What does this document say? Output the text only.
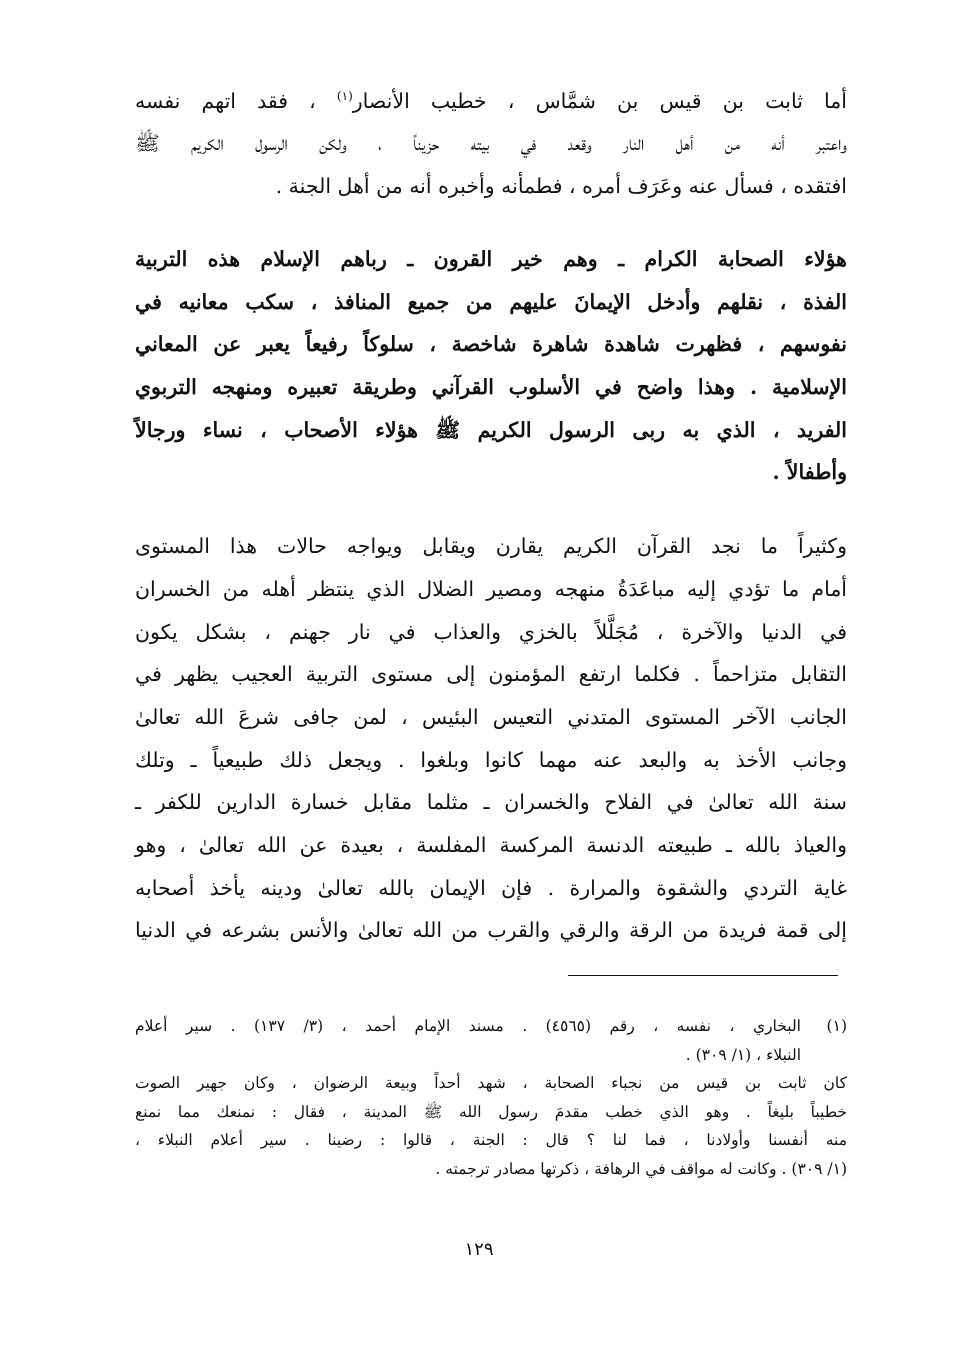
أما ثابت بن قيس بن شمَّاس ، خطيب الأنصار$^{(١)}$ ، فقد اتهم نفسه
واعتبر أنه من أهل النار وقعد في بيته حزيناً ، ولكن الرسول الكريم ﷺ
افتقده ، فسأل عنه وعَرَف أمره ، فطمأنه وأخبره أنه من أهل الجنة .
هؤلاء الصحابة الكرام ـ وهم خير القرون ـ رباهم الإسلام هذه التربية
الفذة ، نقلهم وأدخل الإيمانَ عليهم من جميع المنافذ ، سكب معانيه في
نفوسهم ، فظهرت شاهدة شاهرة شاخصة ، سلوكاً رفيعاً يعبر عن المعاني
الإسلامية . وهذا واضح في الأسلوب القرآني وطريقة تعبيره ومنهجه التربوي
الفريد ، الذي به ربى الرسول الكريم ﷺ هؤلاء الأصحاب ، نساء ورجالاً
وأطفالاً .
وكثيراً ما نجد القرآن الكريم يقارن ويقابل ويواجه حالات هذا المستوى
أمام ما تؤدي إليه مباعَدَةُ منهجه ومصير الضلال الذي ينتظر أهله من الخسران
في الدنيا والآخرة ، مُجَلَّلاً بالخزي والعذاب في نار جهنم ، بشكل يكون
التقابل متزاحماً . فكلما ارتفع المؤمنون إلى مستوى التربية العجيب يظهر في
الجانب الآخر المستوى المتدني التعيس البئيس ، لمن جافى شرعَ الله تعالىٰ
وجانب الأخذ به والبعد عنه مهما كانوا وبلغوا . ويجعل ذلك طبيعياً ـ وتلك
سنة الله تعالىٰ في الفلاح والخسران ـ مثلما مقابل خسارة الدارين للكفر ـ
والعياذ بالله ـ طبيعته الدنسة المركسة المفلسة ، بعيدة عن الله تعالىٰ ، وهو
غاية التردي والشقوة والمرارة . فإن الإيمان بالله تعالىٰ ودينه يأخذ أصحابه
إلى قمة فريدة من الرقة والرقي والقرب من الله تعالىٰ والأنس بشرعه في الدنيا
(١)
البخاري ، نفسه ، رقم (٤٥٦٥) . مسند الإمام أحمد ، (٣/ ١٣٧) . سير أعلام
النبلاء ، (١/ ٣٠٩) .
كان ثابت بن قيس من نجباء الصحابة ، شهد أحداً وبيعة الرضوان ، وكان جهير الصوت
خطيباً بليغاً . وهو الذي خطب مقدمَ رسول الله ﷺ المدينة ، فقال : نمنعك مما نمنع
منه أنفسنا وأولادنا ، فما لنا ؟ قال : الجنة ، قالوا : رضينا . سير أعلام النبلاء ،
(١/ ٣٠٩) . وكانت له مواقف في الرهافة ، ذكرتها مصادر ترجمته .
١٢٩
